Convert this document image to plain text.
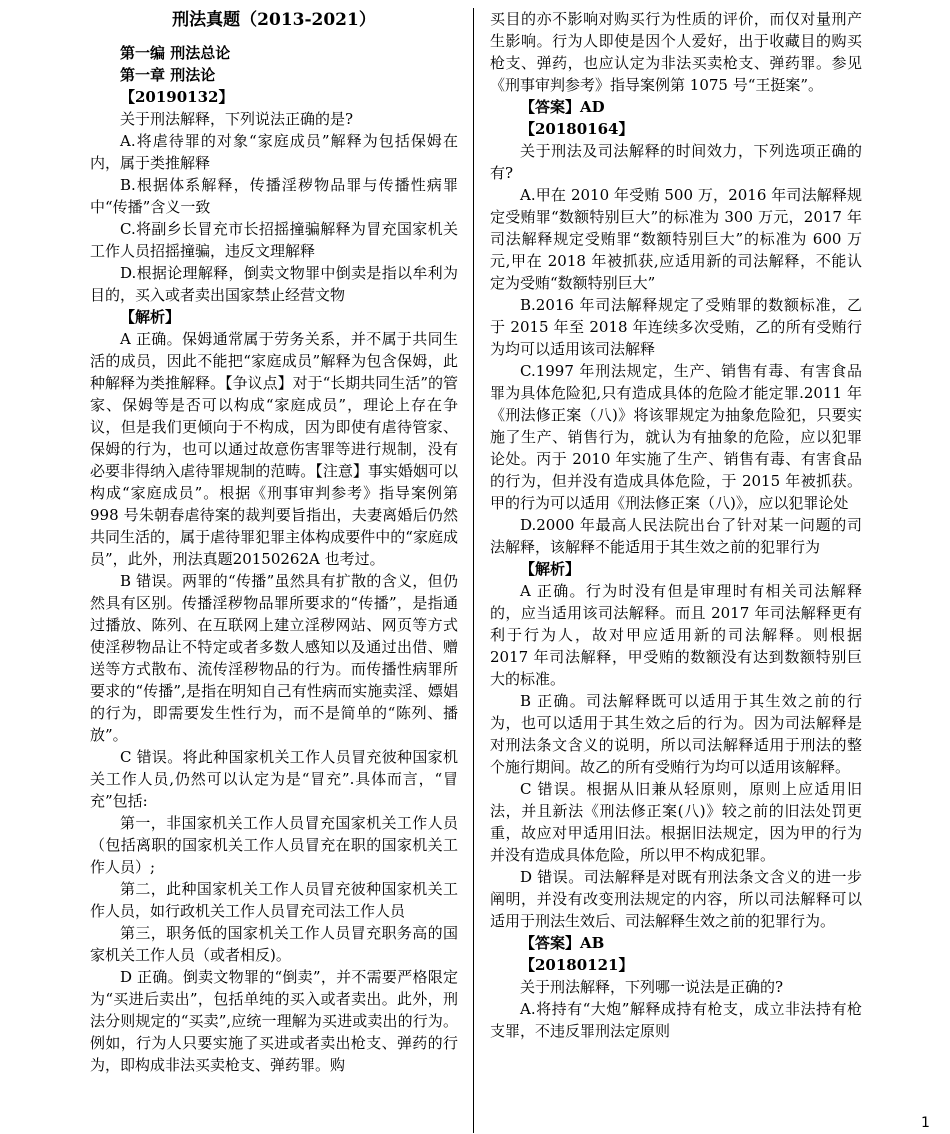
刑法真题（2013-2021）
第一编 刑法总论
第一章 刑法论
【20190132】
关于刑法解释，下列说法正确的是?
A.将虐待罪的对象“家庭成员”解释为包括保姆在内，属于类推解释
B.根据体系解释，传播淫秽物品罪与传播性病罪中“传播”含义一致
C.将副乡长冒充市长招摇撞骗解释为冒充国家机关工作人员招摇撞骗，违反文理解释
D.根据论理解释，倒卖文物罪中倒卖是指以牟利为目的，买入或者卖出国家禁止经营文物
【解析】
A 正确。保姆通常属于劳务关系，并不属于共同生活的成员，因此不能把“家庭成员”解释为包含保姆，此种解释为类推解释。【争议点】对于“长期共同生活”的管家、保姆等是否可以构成“家庭成员”，理论上存在争议，但是我们更倾向于不构成，因为即使有虐待管家、保姆的行为，也可以通过故意伤害罪等进行规制，没有必要非得纳入虐待罪规制的范畴。【注意】事实婚姻可以构成“家庭成员”。根据《刑事审判参考》指导案例第 998 号朱朝春虐待案的裁判要旨指出，夫妻离婚后仍然共同生活的，属于虐待罪犯罪主体构成要件中的“家庭成员”，此外，刑法真题20150262A 也考过。
B 错误。两罪的“传播”虽然具有扩散的含义，但仍然具有区别。传播淫秽物品罪所要求的“传播”，是指通过播放、陈列、在互联网上建立淫秽网站、网页等方式使淫秽物品让不特定或者多数人感知以及通过出借、赠送等方式散布、流传淫秽物品的行为。而传播性病罪所要求的“传播”,是指在明知自己有性病而实施卖淫、嫖娼的行为，即需要发生性行为，而不是简单的“陈列、播放”。
C 错误。将此种国家机关工作人员冒充彼种国家机关工作人员,仍然可以认定为是“冒充”.具体而言，“冒充”包括:
第一，非国家机关工作人员冒充国家机关工作人员（包括离职的国家机关工作人员冒充在职的国家机关工作人员）;
第二，此种国家机关工作人员冒充彼种国家机关工作人员，如行政机关工作人员冒充司法工作人员
第三，职务低的国家机关工作人员冒充职务高的国家机关工作人员（或者相反)。
D 正确。倒卖文物罪的“倒卖”，并不需要严格限定为“买进后卖出”，包括单纯的买入或者卖出。此外，刑法分则规定的“买卖”,应统一理解为买进或卖出的行为。例如，行为人只要实施了买进或者卖出枪支、弹药的行为，即构成非法买卖枪支、弹药罪。购
买目的亦不影响对购买行为性质的评价，而仅对量刑产生影响。行为人即使是因个人爱好，出于收藏目的购买枪支、弹药，也应认定为非法买卖枪支、弹药罪。参见《刑事审判参考》指导案例第 1075 号“王挺案”。
【答案】AD
【20180164】
关于刑法及司法解释的时间效力，下列选项正确的有?
A.甲在 2010 年受贿 500 万，2016 年司法解释规定受贿罪“数额特别巨大”的标准为 300 万元，2017 年司法解释规定受贿罪“数额特别巨大”的标准为 600 万元,甲在 2018 年被抓获,应适用新的司法解释，不能认定为受贿“数额特别巨大”
B.2016 年司法解释规定了受贿罪的数额标准，乙于 2015 年至 2018 年连续多次受贿，乙的所有受贿行为均可以适用该司法解释
C.1997 年刑法规定，生产、销售有毒、有害食品罪为具体危险犯,只有造成具体的危险才能定罪.2011 年《刑法修正案（八)》将该罪规定为抽象危险犯，只要实施了生产、销售行为，就认为有抽象的危险，应以犯罪论处。丙于 2010 年实施了生产、销售有毒、有害食品的行为，但并没有造成具体危险，于 2015 年被抓获。甲的行为可以适用《刑法修正案（八)》，应以犯罪论处
D.2000 年最高人民法院出台了针对某一问题的司法解释，该解释不能适用于其生效之前的犯罪行为
【解析】
A 正确。行为时没有但是审理时有相关司法解释的，应当适用该司法解释。而且 2017 年司法解释更有利于行为人，故对甲应适用新的司法解释。则根据 2017 年司法解释，甲受贿的数额没有达到数额特别巨大的标准。
B 正确。司法解释既可以适用于其生效之前的行为，也可以适用于其生效之后的行为。因为司法解释是对刑法条文含义的说明，所以司法解释适用于刑法的整个施行期间。故乙的所有受贿行为均可以适用该解释。
C 错误。根据从旧兼从轻原则，原则上应适用旧法，并且新法《刑法修正案(八)》较之前的旧法处罚更重，故应对甲适用旧法。根据旧法规定，因为甲的行为并没有造成具体危险，所以甲不构成犯罪。
D 错误。司法解释是对既有刑法条文含义的进一步阐明，并没有改变刑法规定的内容，所以司法解释可以适用于刑法生效后、司法解释生效之前的犯罪行为。
【答案】AB
【20180121】
关于刑法解释，下列哪一说法是正确的?
A.将持有“大炮”解释成持有枪支，成立非法持有枪支罪，不违反罪刑法定原则
1
